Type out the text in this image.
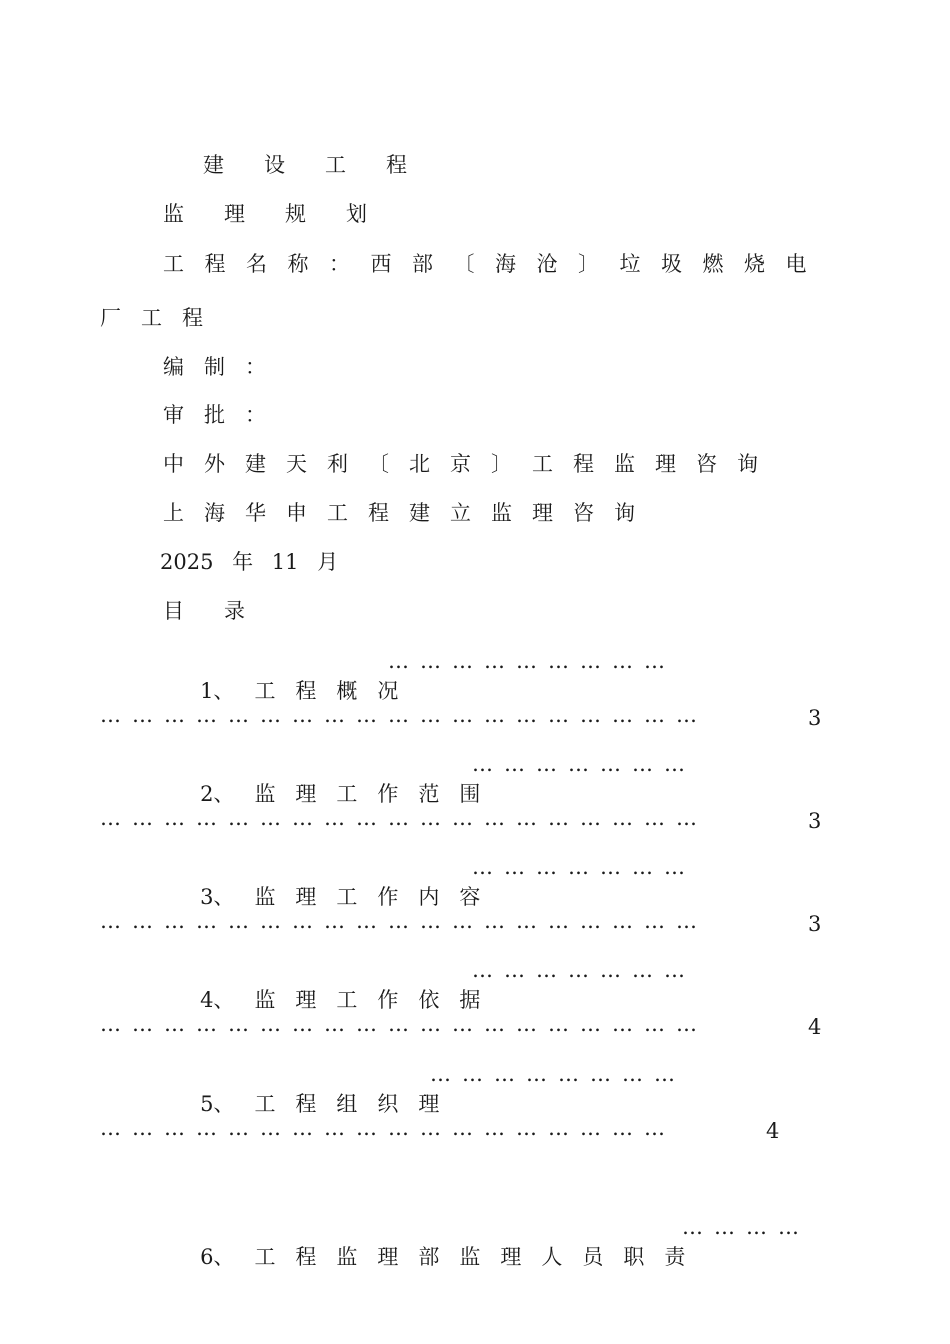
建设工程

监理规划

工程名称：西部〔海沧〕垃圾燃烧电

厂工程

编制：

审批：

中外建天利〔北京〕工程监理咨询

上海华申工程建立监理咨询

2025 年 11 月

目录

1、 工程概况

………………………
…………………………………………………	3

2、 监理工作范围

…………………
…………………………………………………	3

3、 监理工作内容

…………………
…………………………………………………	3

4、 监理工作依据

…………………
…………………………………………………	4

5、 工程组织理

……………………
………………………………………………	4

6、 工程监理部监理人员职责

…………
